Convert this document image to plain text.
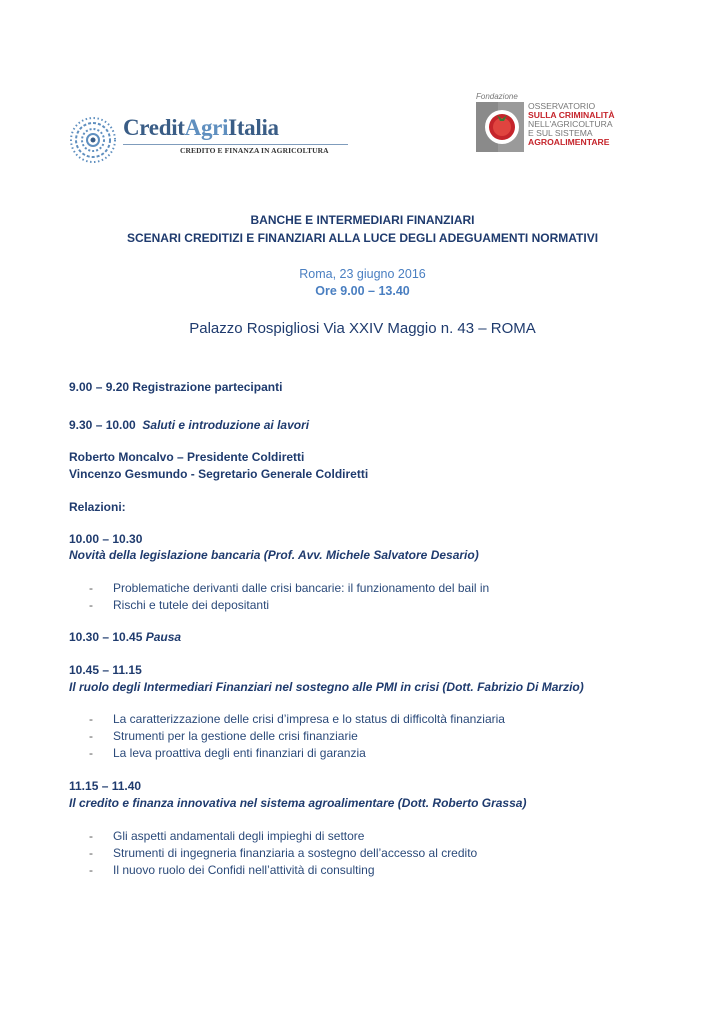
CreditAgriItalia
CREDITO E FINANZA IN AGRICOLTURA
Fondazione
OSSERVATORIO
SULLA CRIMINALITÀ
NELL'AGRICOLTURA
E SUL SISTEMA
AGROALIMENTARE
BANCHE E INTERMEDIARI FINANZIARI
SCENARI CREDITIZI E FINANZIARI ALLA LUCE DEGLI ADEGUAMENTI NORMATIVI
Roma, 23 giugno 2016
Ore 9.00 – 13.40
Palazzo Rospigliosi Via XXIV Maggio n. 43 – ROMA
9.00 – 9.20 Registrazione partecipanti
9.30 – 10.00 Saluti e introduzione ai lavori
Roberto Moncalvo – Presidente Coldiretti
Vincenzo Gesmundo - Segretario Generale Coldiretti
Relazioni:
10.00 – 10.30
Novità della legislazione bancaria (Prof. Avv. Michele Salvatore Desario)
- Problematiche derivanti dalle crisi bancarie: il funzionamento del bail in
- Rischi e tutele dei depositanti
10.30 – 10.45 Pausa
10.45 – 11.15
Il ruolo degli Intermediari Finanziari nel sostegno alle PMI in crisi (Dott. Fabrizio Di Marzio)
- La caratterizzazione delle crisi d’impresa e lo status di difficoltà finanziaria
- Strumenti per la gestione delle crisi finanziarie
- La leva proattiva degli enti finanziari di garanzia
11.15 – 11.40
Il credito e finanza innovativa nel sistema agroalimentare (Dott. Roberto Grassa)
- Gli aspetti andamentali degli impieghi di settore
- Strumenti di ingegneria finanziaria a sostegno dell’accesso al credito
- Il nuovo ruolo dei Confidi nell’attività di consulting
